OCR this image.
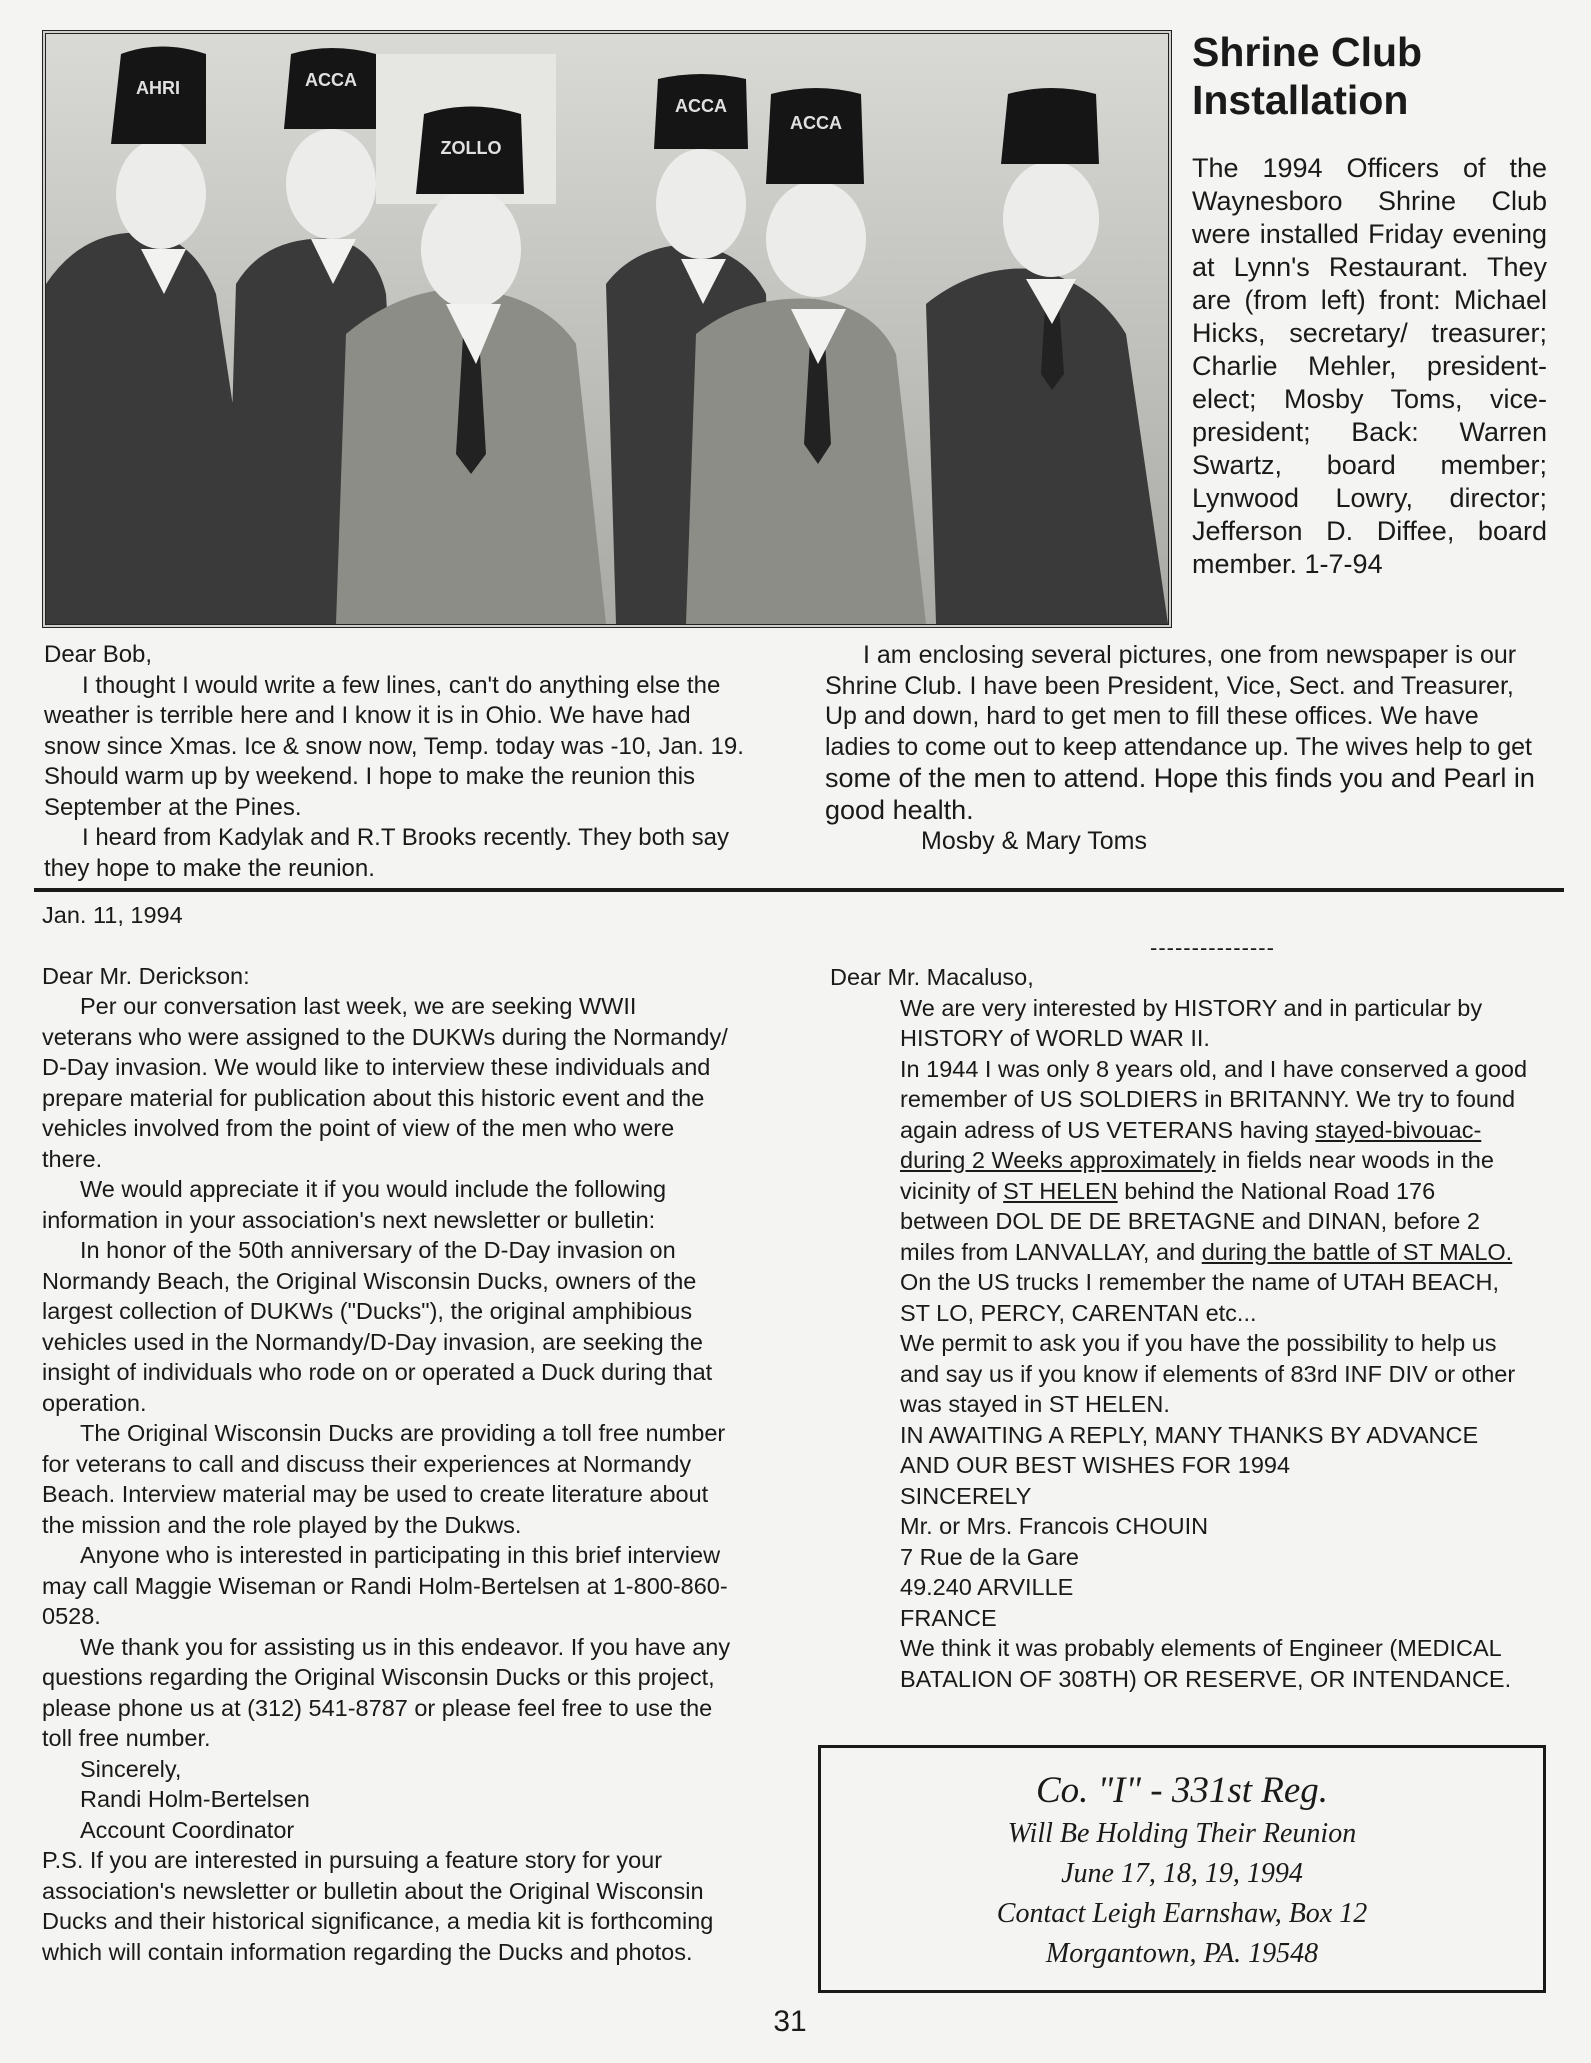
AHRI	ACCA
ZOLLO
ACCA
ACCA
Shrine Club
Installation

The 1994 Officers of the Waynesboro Shrine Club were installed Friday evening at Lynn's Restaurant. They are (from left) front: Michael Hicks, secretary/ treasurer; Charlie Mehler, president-elect; Mosby Toms, vice-president; Back: Warren Swartz, board member; Lynwood Lowry, director; Jefferson D. Diffee, board member. 1-7-94

Dear Bob,

I thought I would write a few lines, can't do anything else the weather is terrible here and I know it is in Ohio. We have had snow since Xmas. Ice & snow now, Temp. today was -10, Jan. 19. Should warm up by weekend. I hope to make the reunion this September at the Pines.

I heard from Kadylak and R.T Brooks recently. They both say they hope to make the reunion.

I am enclosing several pictures, one from newspaper is our Shrine Club. I have been President, Vice, Sect. and Treasurer, Up and down, hard to get men to fill these offices. We have ladies to come out to keep attendance up. The wives help to get

some of the men to attend. Hope this finds you and Pearl in good health.

Mosby & Mary Toms

Jan. 11, 1994

Dear Mr. Derickson:

Per our conversation last week, we are seeking WWII veterans who were assigned to the DUKWs during the Normandy/ D-Day invasion. We would like to interview these individuals and prepare material for publication about this historic event and the vehicles involved from the point of view of the men who were there.

We would appreciate it if you would include the following information in your association's next newsletter or bulletin:

In honor of the 50th anniversary of the D-Day invasion on Normandy Beach, the Original Wisconsin Ducks, owners of the largest collection of DUKWs ("Ducks"), the original amphibious vehicles used in the Normandy/D-Day invasion, are seeking the insight of individuals who rode on or operated a Duck during that operation.

The Original Wisconsin Ducks are providing a toll free number for veterans to call and discuss their experiences at Normandy Beach. Interview material may be used to create literature about the mission and the role played by the Dukws.

Anyone who is interested in participating in this brief interview may call Maggie Wiseman or Randi Holm-Bertelsen at 1-800-860-0528.

We thank you for assisting us in this endeavor. If you have any questions regarding the Original Wisconsin Ducks or this project, please phone us at (312) 541-8787 or please feel free to use the toll free number.

Sincerely,

Randi Holm-Bertelsen

Account Coordinator

P.S. If you are interested in pursuing a feature story for your association's newsletter or bulletin about the Original Wisconsin Ducks and their historical significance, a media kit is forthcoming which will contain information regarding the Ducks and photos.

---------------

Dear Mr. Macaluso,

We are very interested by HISTORY and in particular by HISTORY of WORLD WAR II.

In 1944 I was only 8 years old, and I have conserved a good remember of US SOLDIERS in BRITANNY. We try to found again adress of US VETERANS having stayed-bivouac-during 2 Weeks approximately in fields near woods in the vicinity of ST HELEN behind the National Road 176 between DOL DE DE BRETAGNE and DINAN, before 2 miles from LANVALLAY, and during the battle of ST MALO.

On the US trucks I remember the name of UTAH BEACH, ST LO, PERCY, CARENTAN etc...

We permit to ask you if you have the possibility to help us and say us if you know if elements of 83rd INF DIV or other was stayed in ST HELEN.

IN AWAITING A REPLY, MANY THANKS BY ADVANCE AND OUR BEST WISHES FOR 1994

SINCERELY

Mr. or Mrs. Francois CHOUIN

7 Rue de la Gare

49.240 ARVILLE

FRANCE

We think it was probably elements of Engineer (MEDICAL BATALION OF 308TH) OR RESERVE, OR INTENDANCE.

Co. "I" - 331st Reg.

Will Be Holding Their Reunion

June 17, 18, 19, 1994

Contact Leigh Earnshaw, Box 12

Morgantown, PA. 19548

31
